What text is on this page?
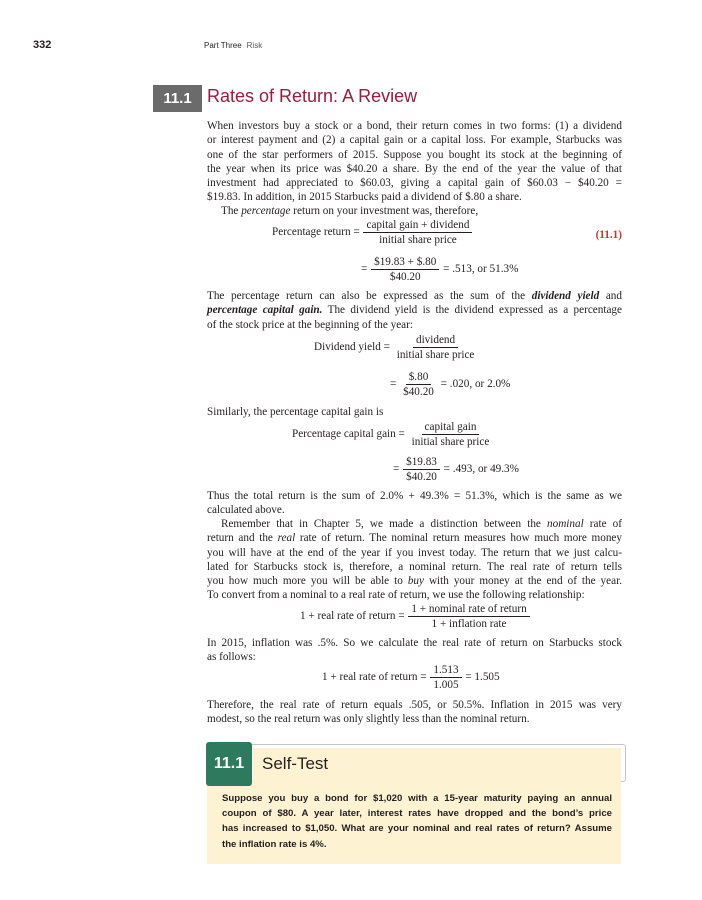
332	Part Three Risk
11.1 Rates of Return: A Review
When investors buy a stock or a bond, their return comes in two forms: (1) a dividend
or interest payment and (2) a capital gain or a capital loss. For example, Starbucks was
one of the star performers of 2015. Suppose you bought its stock at the beginning of
the year when its price was $40.20 a share. By the end of the year the value of that
investment had appreciated to $60.03, giving a capital gain of $60.03 − $40.20 =
$19.83. In addition, in 2015 Starbucks paid a dividend of $.80 a share.
The percentage return on your investment was, therefore,
Percentage return = $\frac{\text{capital gain + dividend}}{\text{initial share price}}$	(11.1)
= $\frac{\$19.83 + \$.80}{\$40.20} = .513$, or 51.3%
The percentage return can also be expressed as the sum of the dividend yield and
percentage capital gain. The dividend yield is the dividend expressed as a percentage
of the stock price at the beginning of the year:
Dividend yield = $\frac{\text{dividend}}{\text{initial share price}}$
= $\frac{\$.80}{\$40.20} = .020$, or 2.0%
Similarly, the percentage capital gain is
Percentage capital gain = $\frac{\text{capital gain}}{\text{initial share price}}$
= $\frac{\$19.83}{\$40.20} = .493$, or 49.3%
Thus the total return is the sum of 2.0% + 49.3% = 51.3%, which is the same as we
calculated above.
Remember that in Chapter 5, we made a distinction between the nominal rate of
return and the real rate of return. The nominal return measures how much more money
you will have at the end of the year if you invest today. The return that we just calcu-
lated for Starbucks stock is, therefore, a nominal return. The real rate of return tells
you how much more you will be able to buy with your money at the end of the year.
To convert from a nominal to a real rate of return, we use the following relationship:
1 + real rate of return = $\frac{\text{1 + nominal rate of return}}{\text{1 + inflation rate}}$
In 2015, inflation was .5%. So we calculate the real rate of return on Starbucks stock
as follows:
1 + real rate of return = $\frac{1.513}{1.005} = 1.505$
Therefore, the real rate of return equals .505, or 50.5%. Inflation in 2015 was very
modest, so the real return was only slightly less than the nominal return.
11.1	Self-Test
Suppose you buy a bond for $1,020 with a 15-year maturity paying an annual
coupon of $80. A year later, interest rates have dropped and the bond’s price
has increased to $1,050. What are your nominal and real rates of return? Assume
the inflation rate is 4%.
